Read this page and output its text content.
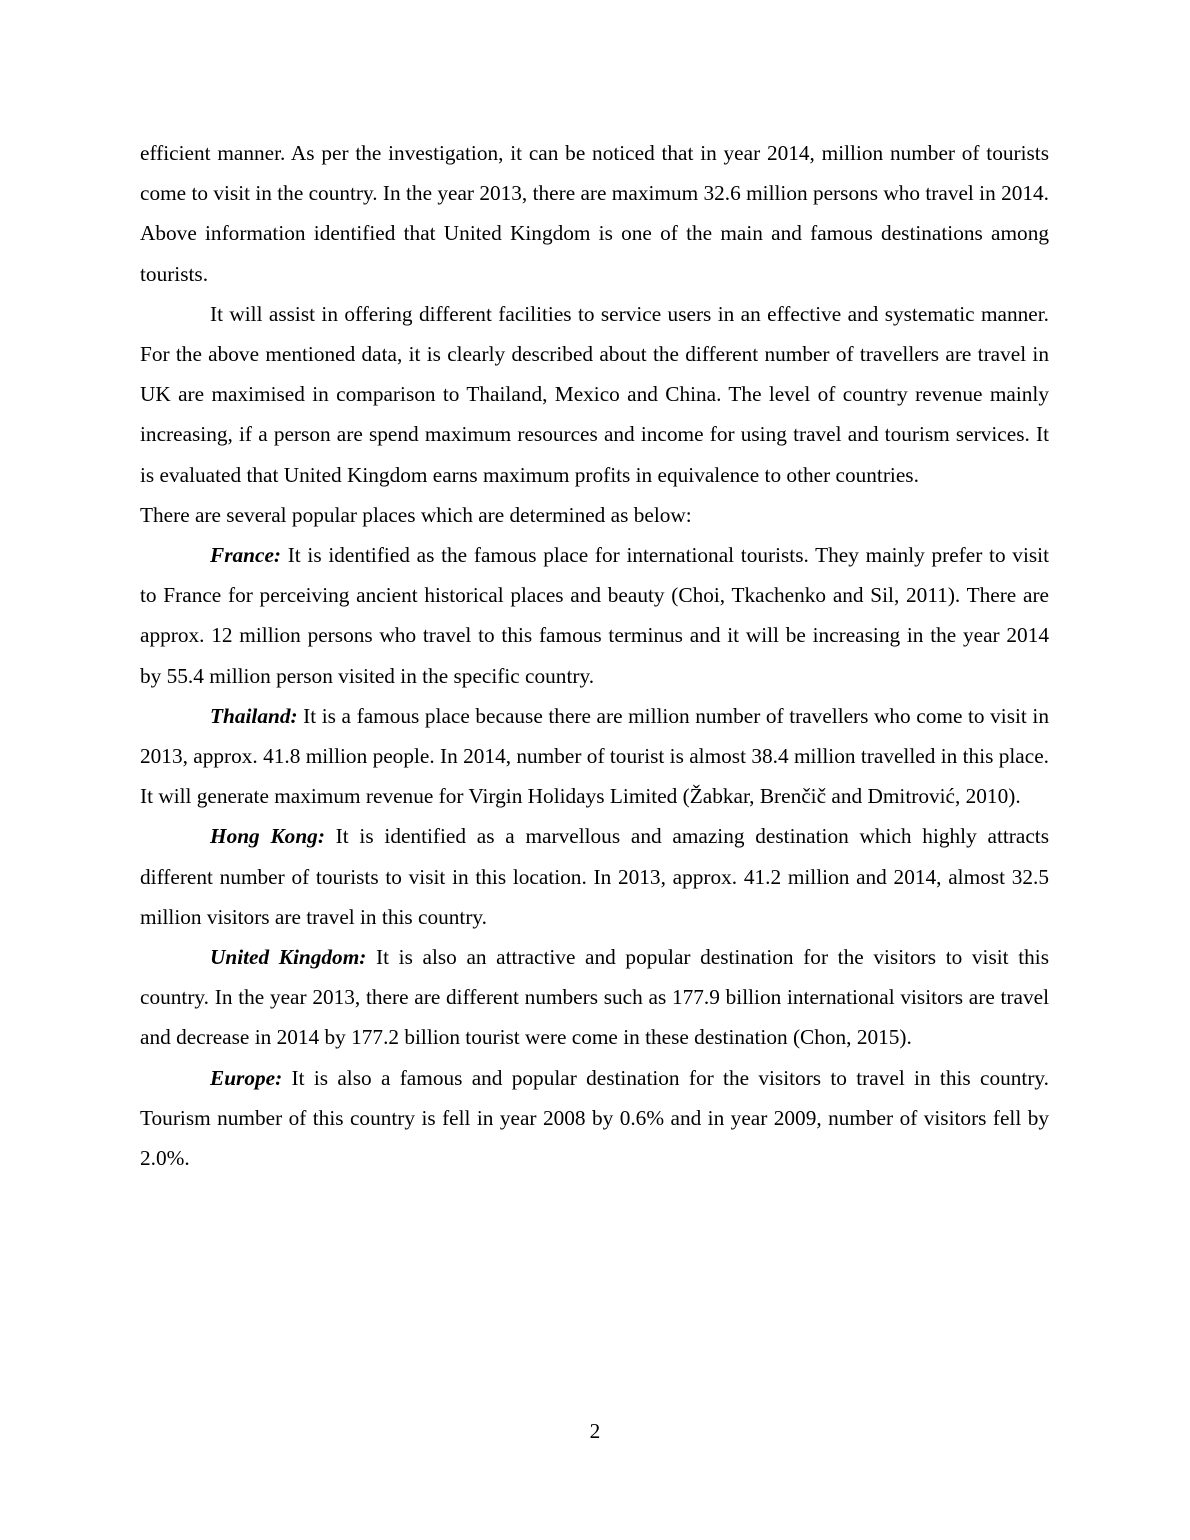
efficient manner. As per the investigation, it can be noticed that in year 2014, million number of tourists come to visit in the country. In the year 2013, there are maximum 32.6 million persons who travel in 2014. Above information identified that United Kingdom is one of the main and famous destinations among tourists.

It will assist in offering different facilities to service users in an effective and systematic manner. For the above mentioned data, it is clearly described about the different number of travellers are travel in UK are maximised in comparison to Thailand, Mexico and China. The level of country revenue mainly increasing, if a person are spend maximum resources and income for using travel and tourism services. It is evaluated that United Kingdom earns maximum profits in equivalence to other countries.

There are several popular places which are determined as below:

France: It is identified as the famous place for international tourists. They mainly prefer to visit to France for perceiving ancient historical places and beauty (Choi, Tkachenko and Sil, 2011). There are approx. 12 million persons who travel to this famous terminus and it will be increasing in the year 2014 by 55.4 million person visited in the specific country.

Thailand: It is a famous place because there are million number of travellers who come to visit in 2013, approx. 41.8 million people. In 2014, number of tourist is almost 38.4 million travelled in this place. It will generate maximum revenue for Virgin Holidays Limited (Žabkar, Brenčič and Dmitrović, 2010).

Hong Kong: It is identified as a marvellous and amazing destination which highly attracts different number of tourists to visit in this location. In 2013, approx. 41.2 million and 2014, almost 32.5 million visitors are travel in this country.

United Kingdom: It is also an attractive and popular destination for the visitors to visit this country. In the year 2013, there are different numbers such as 177.9 billion international visitors are travel and decrease in 2014 by 177.2 billion tourist were come in these destination (Chon, 2015).

Europe: It is also a famous and popular destination for the visitors to travel in this country. Tourism number of this country is fell in year 2008 by 0.6% and in year 2009, number of visitors fell by 2.0%.

2
